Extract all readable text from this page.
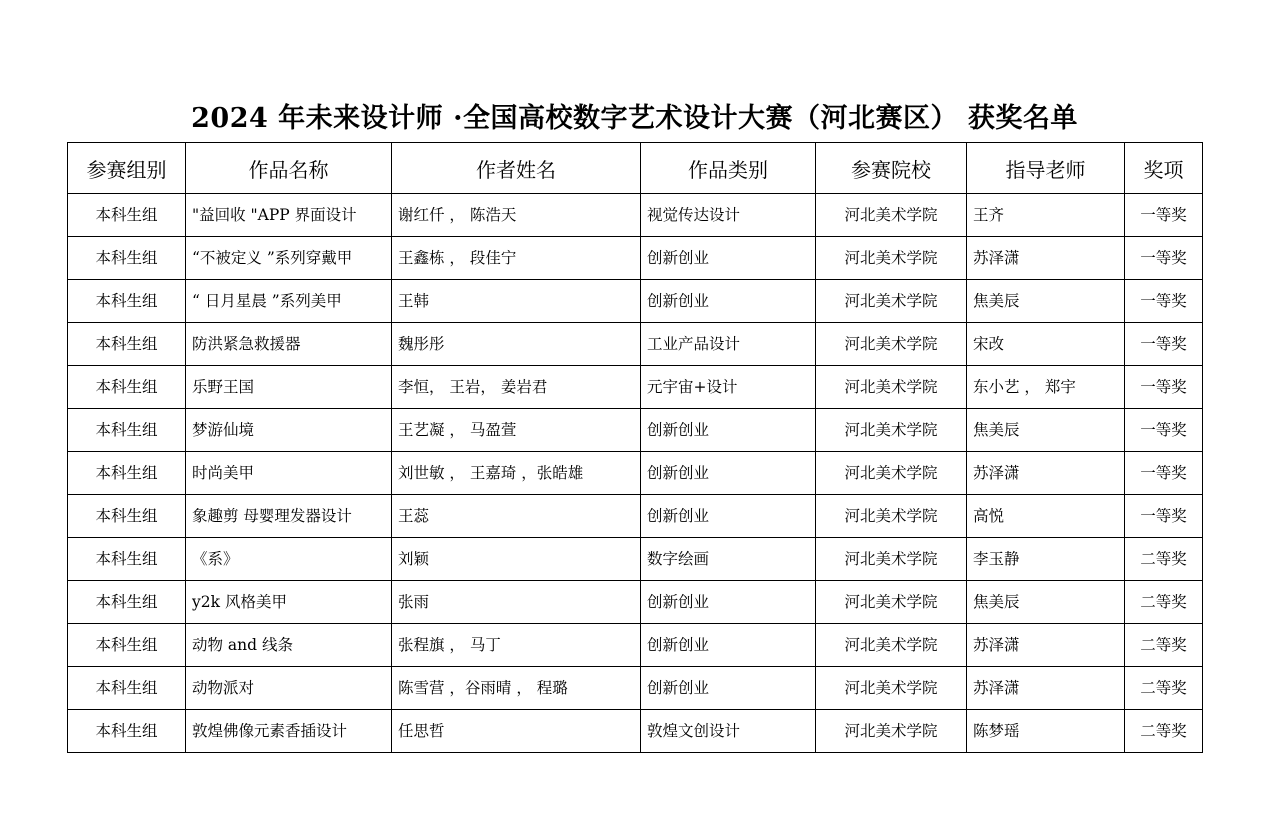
2024 年未来设计师 ·全国高校数字艺术设计大赛（河北赛区） 获奖名单
参赛组别	作品名称	作者姓名	作品类别	参赛院校	指导老师	奖项
本科生组	"益回收 "APP 界面设计	谢红仟 ， 陈浩天	视觉传达设计	河北美术学院	王齐	一等奖
本科生组	“不被定义 ”系列穿戴甲	王鑫栋 ， 段佳宁	创新创业	河北美术学院	苏泽潇	一等奖
本科生组	“ 日月星晨 ”系列美甲	王韩	创新创业	河北美术学院	焦美辰	一等奖
本科生组	防洪紧急救援器	魏彤彤	工业产品设计	河北美术学院	宋改	一等奖
本科生组	乐野王国	李恒， 王岩， 姜岩君	元宇宙+设计	河北美术学院	东小艺 ， 郑宇	一等奖
本科生组	梦游仙境	王艺凝 ， 马盈萱	创新创业	河北美术学院	焦美辰	一等奖
本科生组	时尚美甲	刘世敏 ， 王嘉琦 ，张皓雄	创新创业	河北美术学院	苏泽潇	一等奖
本科生组	象趣剪 母婴理发器设计	王蕊	创新创业	河北美术学院	高悦	一等奖
本科生组	《系》	刘颖	数字绘画	河北美术学院	李玉静	二等奖
本科生组	y2k 风格美甲	张雨	创新创业	河北美术学院	焦美辰	二等奖
本科生组	动物 and 线条	张程旗 ， 马丁	创新创业	河北美术学院	苏泽潇	二等奖
本科生组	动物派对	陈雪营 ，谷雨晴 ， 程璐	创新创业	河北美术学院	苏泽潇	二等奖
本科生组	敦煌佛像元素香插设计	任思哲	敦煌文创设计	河北美术学院	陈梦瑶	二等奖
